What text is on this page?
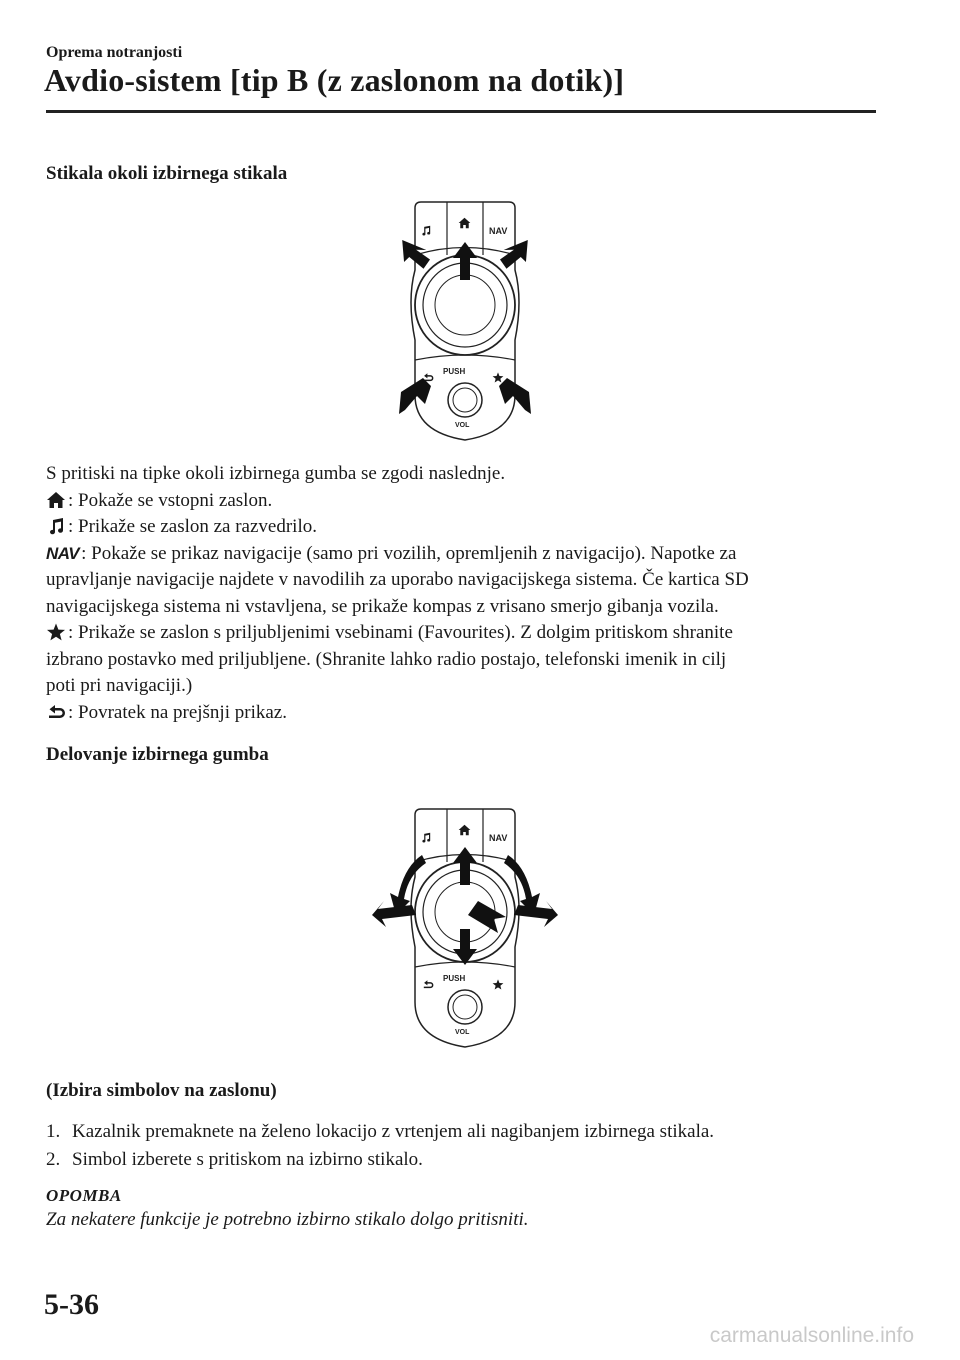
Oprema notranjosti
Avdio-sistem [tip B (z zaslonom na dotik)]
Stikala okoli izbirnega stikala
NAV
PUSH
VOL
S pritiski na tipke okoli izbirnega gumba se zgodi naslednje.
: Pokaže se vstopni zaslon.
: Prikaže se zaslon za razvedrilo.
NAV : Pokaže se prikaz navigacije (samo pri vozilih, opremljenih z navigacijo). Napotke za
upravljanje navigacije najdete v navodilih za uporabo navigacijskega sistema. Če kartica SD
navigacijskega sistema ni vstavljena, se prikaže kompas z vrisano smerjo gibanja vozila.
: Prikaže se zaslon s priljubljenimi vsebinami (Favourites). Z dolgim pritiskom shranite
izbrano postavko med priljubljene. (Shranite lahko radio postajo, telefonski imenik in cilj
poti pri navigaciji.)
: Povratek na prejšnji prikaz.
Delovanje izbirnega gumba
NAV
PUSH
VOL
(Izbira simbolov na zaslonu)
1. Kazalnik premaknete na želeno lokacijo z vrtenjem ali nagibanjem izbirnega stikala.
2. Simbol izberete s pritiskom na izbirno stikalo.
OPOMBA
Za nekatere funkcije je potrebno izbirno stikalo dolgo pritisniti.
5-36
carmanualsonline.info
